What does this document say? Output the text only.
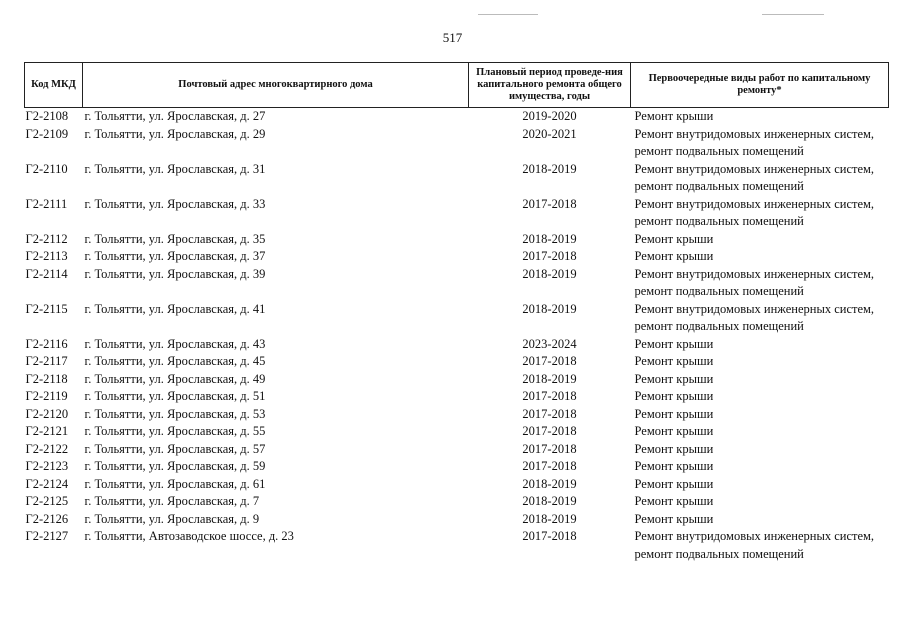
517
Код МКД	Почтовый адрес многоквартирного дома	Плановый период проведе-ния капитального ремонта общего имущества, годы	Первоочередные виды работ по капитальному ремонту*
Г2-2108	г. Тольятти, ул. Ярославская, д. 27	2019-2020	Ремонт крыши

Г2-2109	г. Тольятти, ул. Ярославская, д. 29	2020-2021	Ремонт внутридомовых инженерных систем,
ремонт подвальных помещений

Г2-2110	г. Тольятти, ул. Ярославская, д. 31	2018-2019	Ремонт внутридомовых инженерных систем,
ремонт подвальных помещений

Г2-2111	г. Тольятти, ул. Ярославская, д. 33	2017-2018	Ремонт внутридомовых инженерных систем,
ремонт подвальных помещений

Г2-2112	г. Тольятти, ул. Ярославская, д. 35	2018-2019	Ремонт крыши

Г2-2113	г. Тольятти, ул. Ярославская, д. 37	2017-2018	Ремонт крыши

Г2-2114	г. Тольятти, ул. Ярославская, д. 39	2018-2019	Ремонт внутридомовых инженерных систем,
ремонт подвальных помещений

Г2-2115	г. Тольятти, ул. Ярославская, д. 41	2018-2019	Ремонт внутридомовых инженерных систем,
ремонт подвальных помещений

Г2-2116	г. Тольятти, ул. Ярославская, д. 43	2023-2024	Ремонт крыши

Г2-2117	г. Тольятти, ул. Ярославская, д. 45	2017-2018	Ремонт крыши

Г2-2118	г. Тольятти, ул. Ярославская, д. 49	2018-2019	Ремонт крыши

Г2-2119	г. Тольятти, ул. Ярославская, д. 51	2017-2018	Ремонт крыши

Г2-2120	г. Тольятти, ул. Ярославская, д. 53	2017-2018	Ремонт крыши

Г2-2121	г. Тольятти, ул. Ярославская, д. 55	2017-2018	Ремонт крыши

Г2-2122	г. Тольятти, ул. Ярославская, д. 57	2017-2018	Ремонт крыши

Г2-2123	г. Тольятти, ул. Ярославская, д. 59	2017-2018	Ремонт крыши

Г2-2124	г. Тольятти, ул. Ярославская, д. 61	2018-2019	Ремонт крыши

Г2-2125	г. Тольятти, ул. Ярославская, д. 7	2018-2019	Ремонт крыши

Г2-2126	г. Тольятти, ул. Ярославская, д. 9	2018-2019	Ремонт крыши

Г2-2127	г. Тольятти, Автозаводское шоссе, д. 23	2017-2018	Ремонт внутридомовых инженерных систем,
ремонт подвальных помещений
